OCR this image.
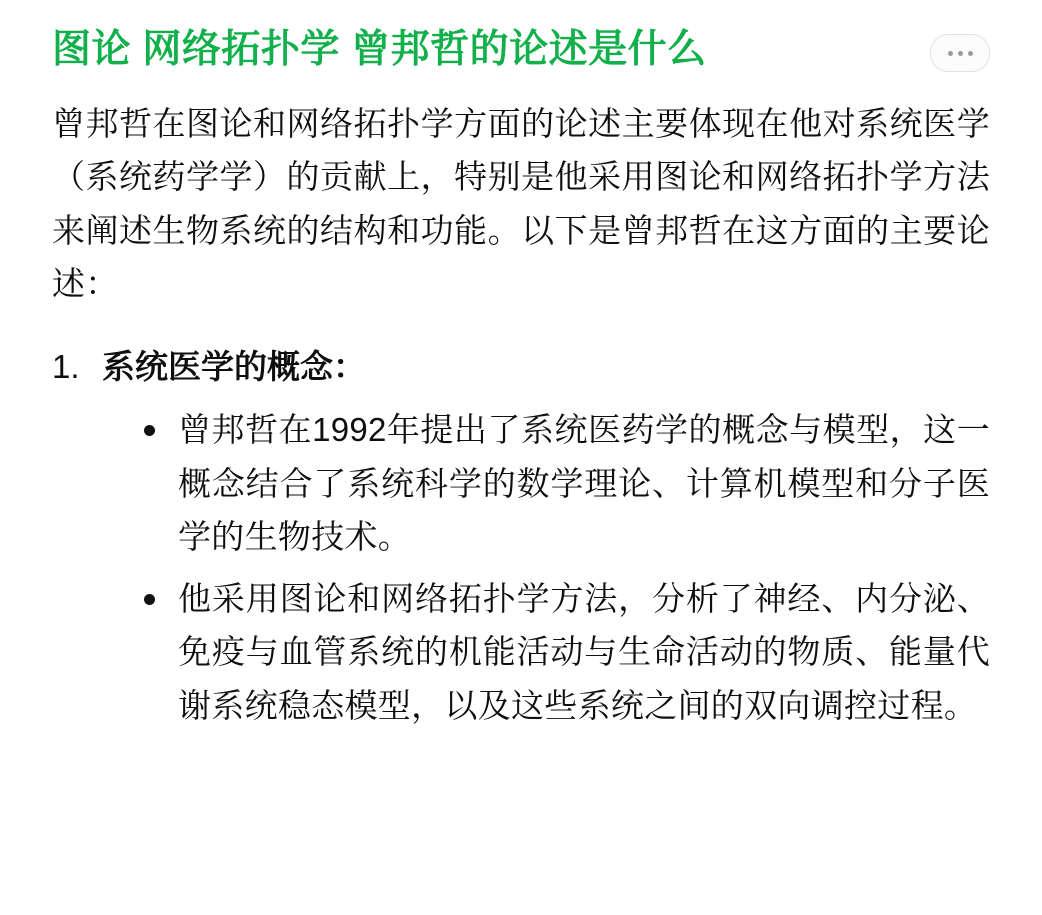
图论 网络拓扑学 曾邦哲的论述是什么

曾邦哲在图论和网络拓扑学方面的论述主要体现在他对系统医学（系统药学学）的贡献上，特别是他采用图论和网络拓扑学方法来阐述生物系统的结构和功能。以下是曾邦哲在这方面的主要论述：

系统医学的概念：
曾邦哲在1992年提出了系统医药学的概念与模型，这一概念结合了系统科学的数学理论、计算机模型和分子医学的生物技术。
他采用图论和网络拓扑学方法，分析了神经、内分泌、免疫与血管系统的机能活动与生命活动的物质、能量代谢系统稳态模型，以及这些系统之间的双向调控过程。
